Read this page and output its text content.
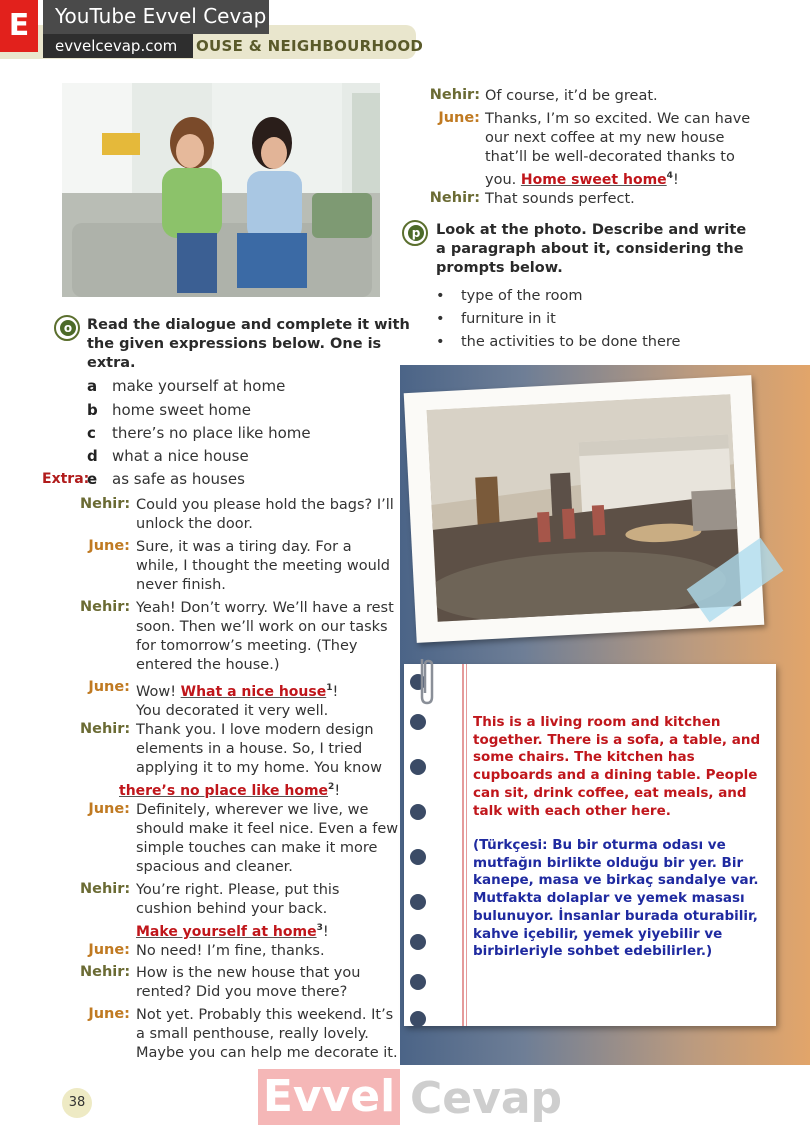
OUSE & NEIGHBOURHOOD
E	YouTube Evvel Cevap
evvelcevap.com
o Read the dialogue and complete it with
the given expressions below. One is
extra.
a make yourself at home
b home sweet home
c there’s no place like home
d what a nice house
Extra:
e as safe as houses
Nehir: Could you please hold the bags? I’ll
unlock the door.
June: Sure, it was a tiring day. For a
while, I thought the meeting would
never finish.
Nehir: Yeah! Don’t worry. We’ll have a rest
soon. Then we’ll work on our tasks
for tomorrow’s meeting. (They
entered the house.)
June: Wow! What a nice house$^1$!
You decorated it very well.
Nehir: Thank you. I love modern design
elements in a house. So, I tried
applying it to my home. You know
there’s no place like home$^2$!
June: Definitely, wherever we live, we
should make it feel nice. Even a few
simple touches can make it more
spacious and cleaner.
Nehir: You’re right. Please, put this
cushion behind your back.
Make yourself at home$^3$!
June: No need! I’m fine, thanks.
Nehir: How is the new house that you
rented? Did you move there?
June: Not yet. Probably this weekend. It’s
a small penthouse, really lovely.
Maybe you can help me decorate it.
Nehir: Of course, it’d be great.
June: Thanks, I’m so excited. We can have
our next coffee at my new house
that’ll be well-decorated thanks to
you. Home sweet home$^4$!
Nehir: That sounds perfect.
p Look at the photo. Describe and write
a paragraph about it, considering the
prompts below.
• type of the room
• furniture in it
• the activities to be done there
This is a living room and kitchen together. There is a sofa, a table, and some chairs. The kitchen has cupboards and a dining table. People can sit, drink coffee, eat meals, and talk with each other here.
(Türkçesi: Bu bir oturma odası ve mutfağın birlikte olduğu bir yer. Bir kanepe, masa ve birkaç sandalye var. Mutfakta dolaplar ve yemek masası bulunuyor. İnsanlar burada oturabilir, kahve içebilir, yemek yiyebilir ve birbirleriyle sohbet edebilirler.)
38	Evvel Cevap
